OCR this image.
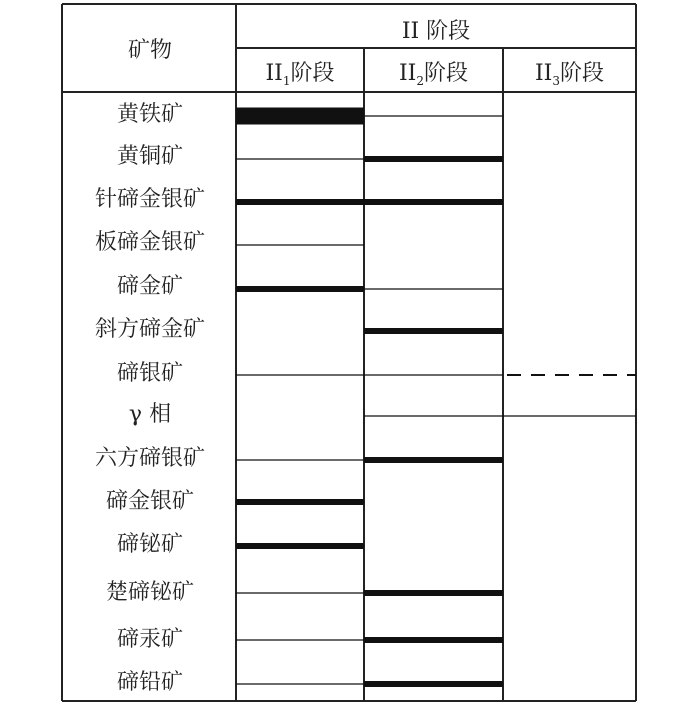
矿物
II 阶段
$II_1$阶段	$II_2$阶段	$II_3$阶段
黄铁矿
黄铜矿
针碲金银矿
板碲金银矿
碲金矿
斜方碲金矿
碲银矿
γ 相
六方碲银矿
碲金银矿
碲铋矿
楚碲铋矿
碲汞矿
碲铅矿
